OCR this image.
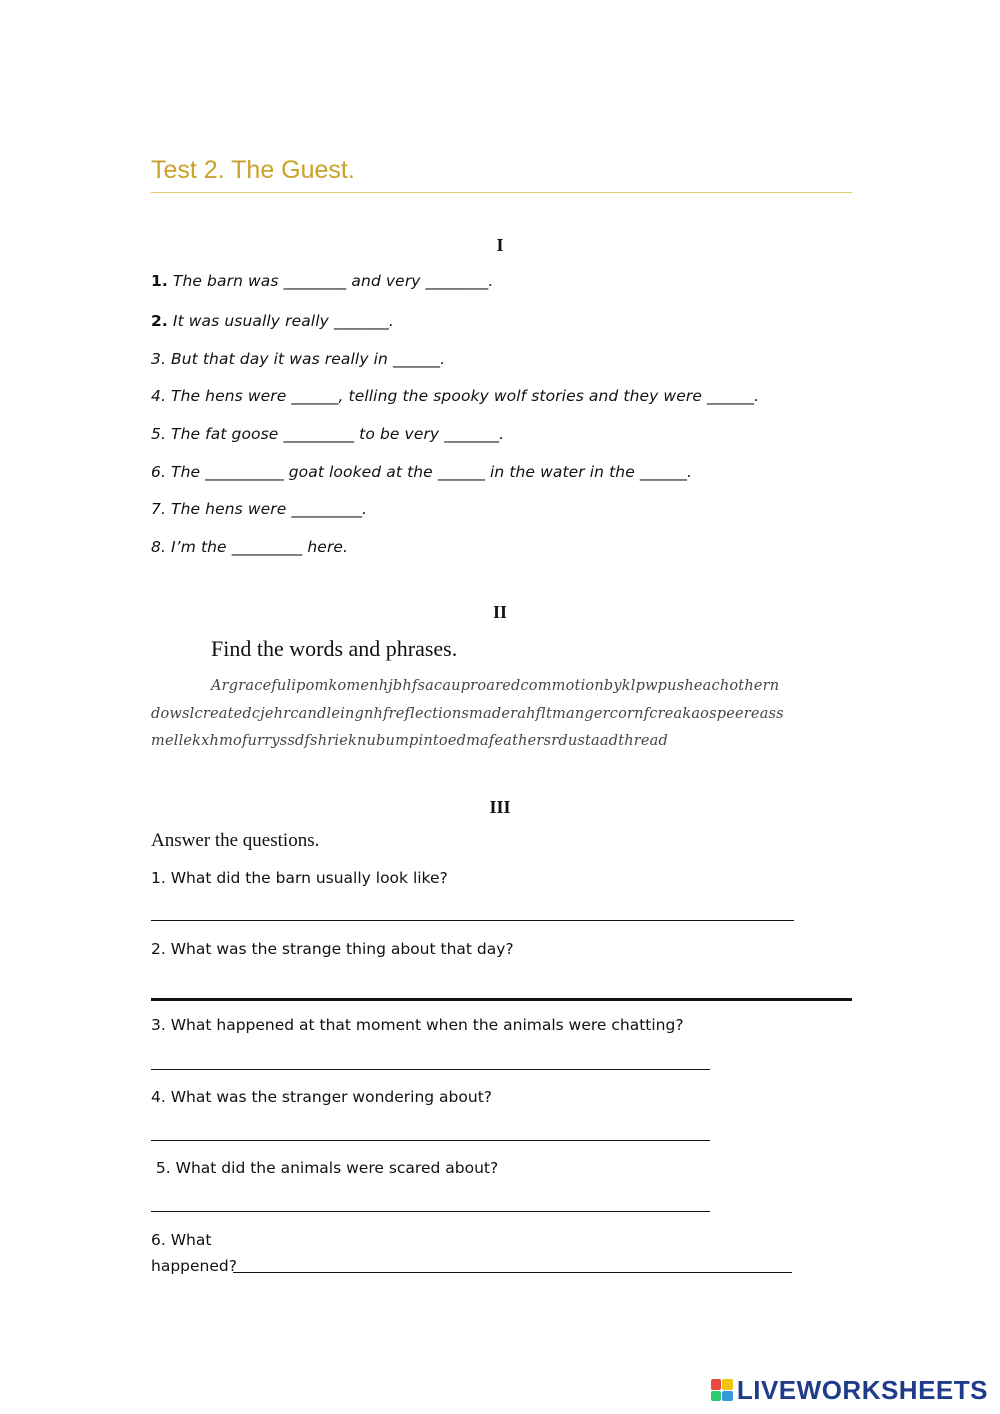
Test 2. The Guest.
I
1. The barn was ________ and very ________.
2. It was usually really _______.
3. But that day it was really in ______.
4. The hens were ______, telling the spooky wolf stories and they were ______.
5. The fat goose _________ to be very _______.
6. The __________ goat looked at the ______ in the water in the ______.
7. The hens were _________.
8. I’m the _________ here.
II
Find the words and phrases.
Argracefulipomkomenhjbhfsacauproaredcommotionbyklpwpusheachothern
dowslcreatedcjehrcandleingnhfreflectionsmaderahfltmangercornfcreakaospeereass
mellekxhmofurryssdfshrieknubumpintoedmafeathersrdustaadthread
III
Answer the questions.
1. What did the barn usually look like?
2. What was the strange thing about that day?
3. What happened at that moment when the animals were chatting?
4. What was the stranger wondering about?
5. What did the animals were scared about?
6. What
happened?
LIVEWORKSHEETS
